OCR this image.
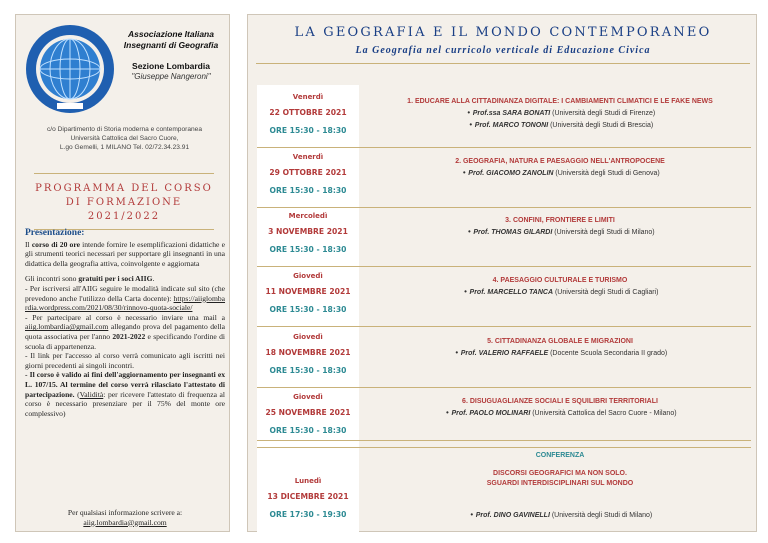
Associazione Italiana Insegnanti di Geografia
Sezione Lombardia
"Giuseppe Nangeroni"
c/o Dipartimento di Storia moderna e contemporanea
Università Cattolica del Sacro Cuore,
L.go Gemelli, 1 MILANO Tel. 02/72.34.23.91
PROGRAMMA DEL CORSO
DI FORMAZIONE
2021/2022
Presentazione:

Il corso di 20 ore intende fornire le esemplificazioni didattiche e gli strumenti teorici necessari per supportare gli insegnanti in una didattica della geografia attiva, coinvolgente e aggiornata

Gli incontri sono gratuiti per i soci AIIG.

- Per iscriversi all'AIIG seguire le modalità indicate sul sito (che prevedono anche l'utilizzo della Carta docente): https://aiiglombardia.wordpress.com/2021/08/30/rinnovo-quota-sociale/

- Per partecipare al corso è necessario inviare una mail a aiig.lombardia@gmail.com allegando prova del pagamento della quota associativa per l'anno 2021-2022 e specificando l'ordine di scuola di appartenenza.

- Il link per l'accesso al corso verrà comunicato agli iscritti nei giorni precedenti ai singoli incontri.

- Il corso è valido ai fini dell'aggiornamento per insegnanti ex L. 107/15. Al termine del corso verrà rilasciato l'attestato di partecipazione. (Validità: per ricevere l'attestato di frequenza al corso è necessario presenziare per il 75% del monte ore complessivo)

Per qualsiasi informazione scrivere a:
aiig.lombardia@gmail.com
LA GEOGRAFIA E IL MONDO CONTEMPORANEO
La Geografia nel curricolo verticale di Educazione Civica
Venerdì
22 OTTOBRE 2021
ORE 15:30 - 18:30
1. EDUCARE ALLA CITTADINANZA DIGITALE: I CAMBIAMENTI CLIMATICI E LE FAKE NEWS
• Prof.ssa SARA BONATI (Università degli Studi di Firenze)
• Prof. MARCO TONONI (Università degli Studi di Brescia)
Venerdì
29 OTTOBRE 2021
ORE 15:30 - 18:30
2. GEOGRAFIA, NATURA E PAESAGGIO NELL'ANTROPOCENE
• Prof. GIACOMO ZANOLIN (Università degli Studi di Genova)
Mercoledì
3 NOVEMBRE 2021
ORE 15:30 - 18:30
3. CONFINI, FRONTIERE E LIMITI
• Prof. THOMAS GILARDI (Università degli Studi di Milano)
Giovedì
11 NOVEMBRE 2021
ORE 15:30 - 18:30
4. PAESAGGIO CULTURALE E TURISMO
• Prof. MARCELLO TANCA (Università degli Studi di Cagliari)
Giovedì
18 NOVEMBRE 2021
ORE 15:30 - 18:30
5. CITTADINANZA GLOBALE E MIGRAZIONI
• Prof. VALERIO RAFFAELE (Docente Scuola Secondaria II grado)
Giovedì
25 NOVEMBRE 2021
ORE 15:30 - 18:30
6. DISUGUAGLIANZE SOCIALI E SQUILIBRI TERRITORIALI
• Prof. PAOLO MOLINARI (Università Cattolica del Sacro Cuore - Milano)
Lunedì
13 DICEMBRE 2021
ORE 17:30 - 19:30
CONFERENZA
DISCORSI GEOGRAFICI MA NON SOLO.
SGUARDI INTERDISCIPLINARI SUL MONDO
• Prof. DINO GAVINELLI (Università degli Studi di Milano)
